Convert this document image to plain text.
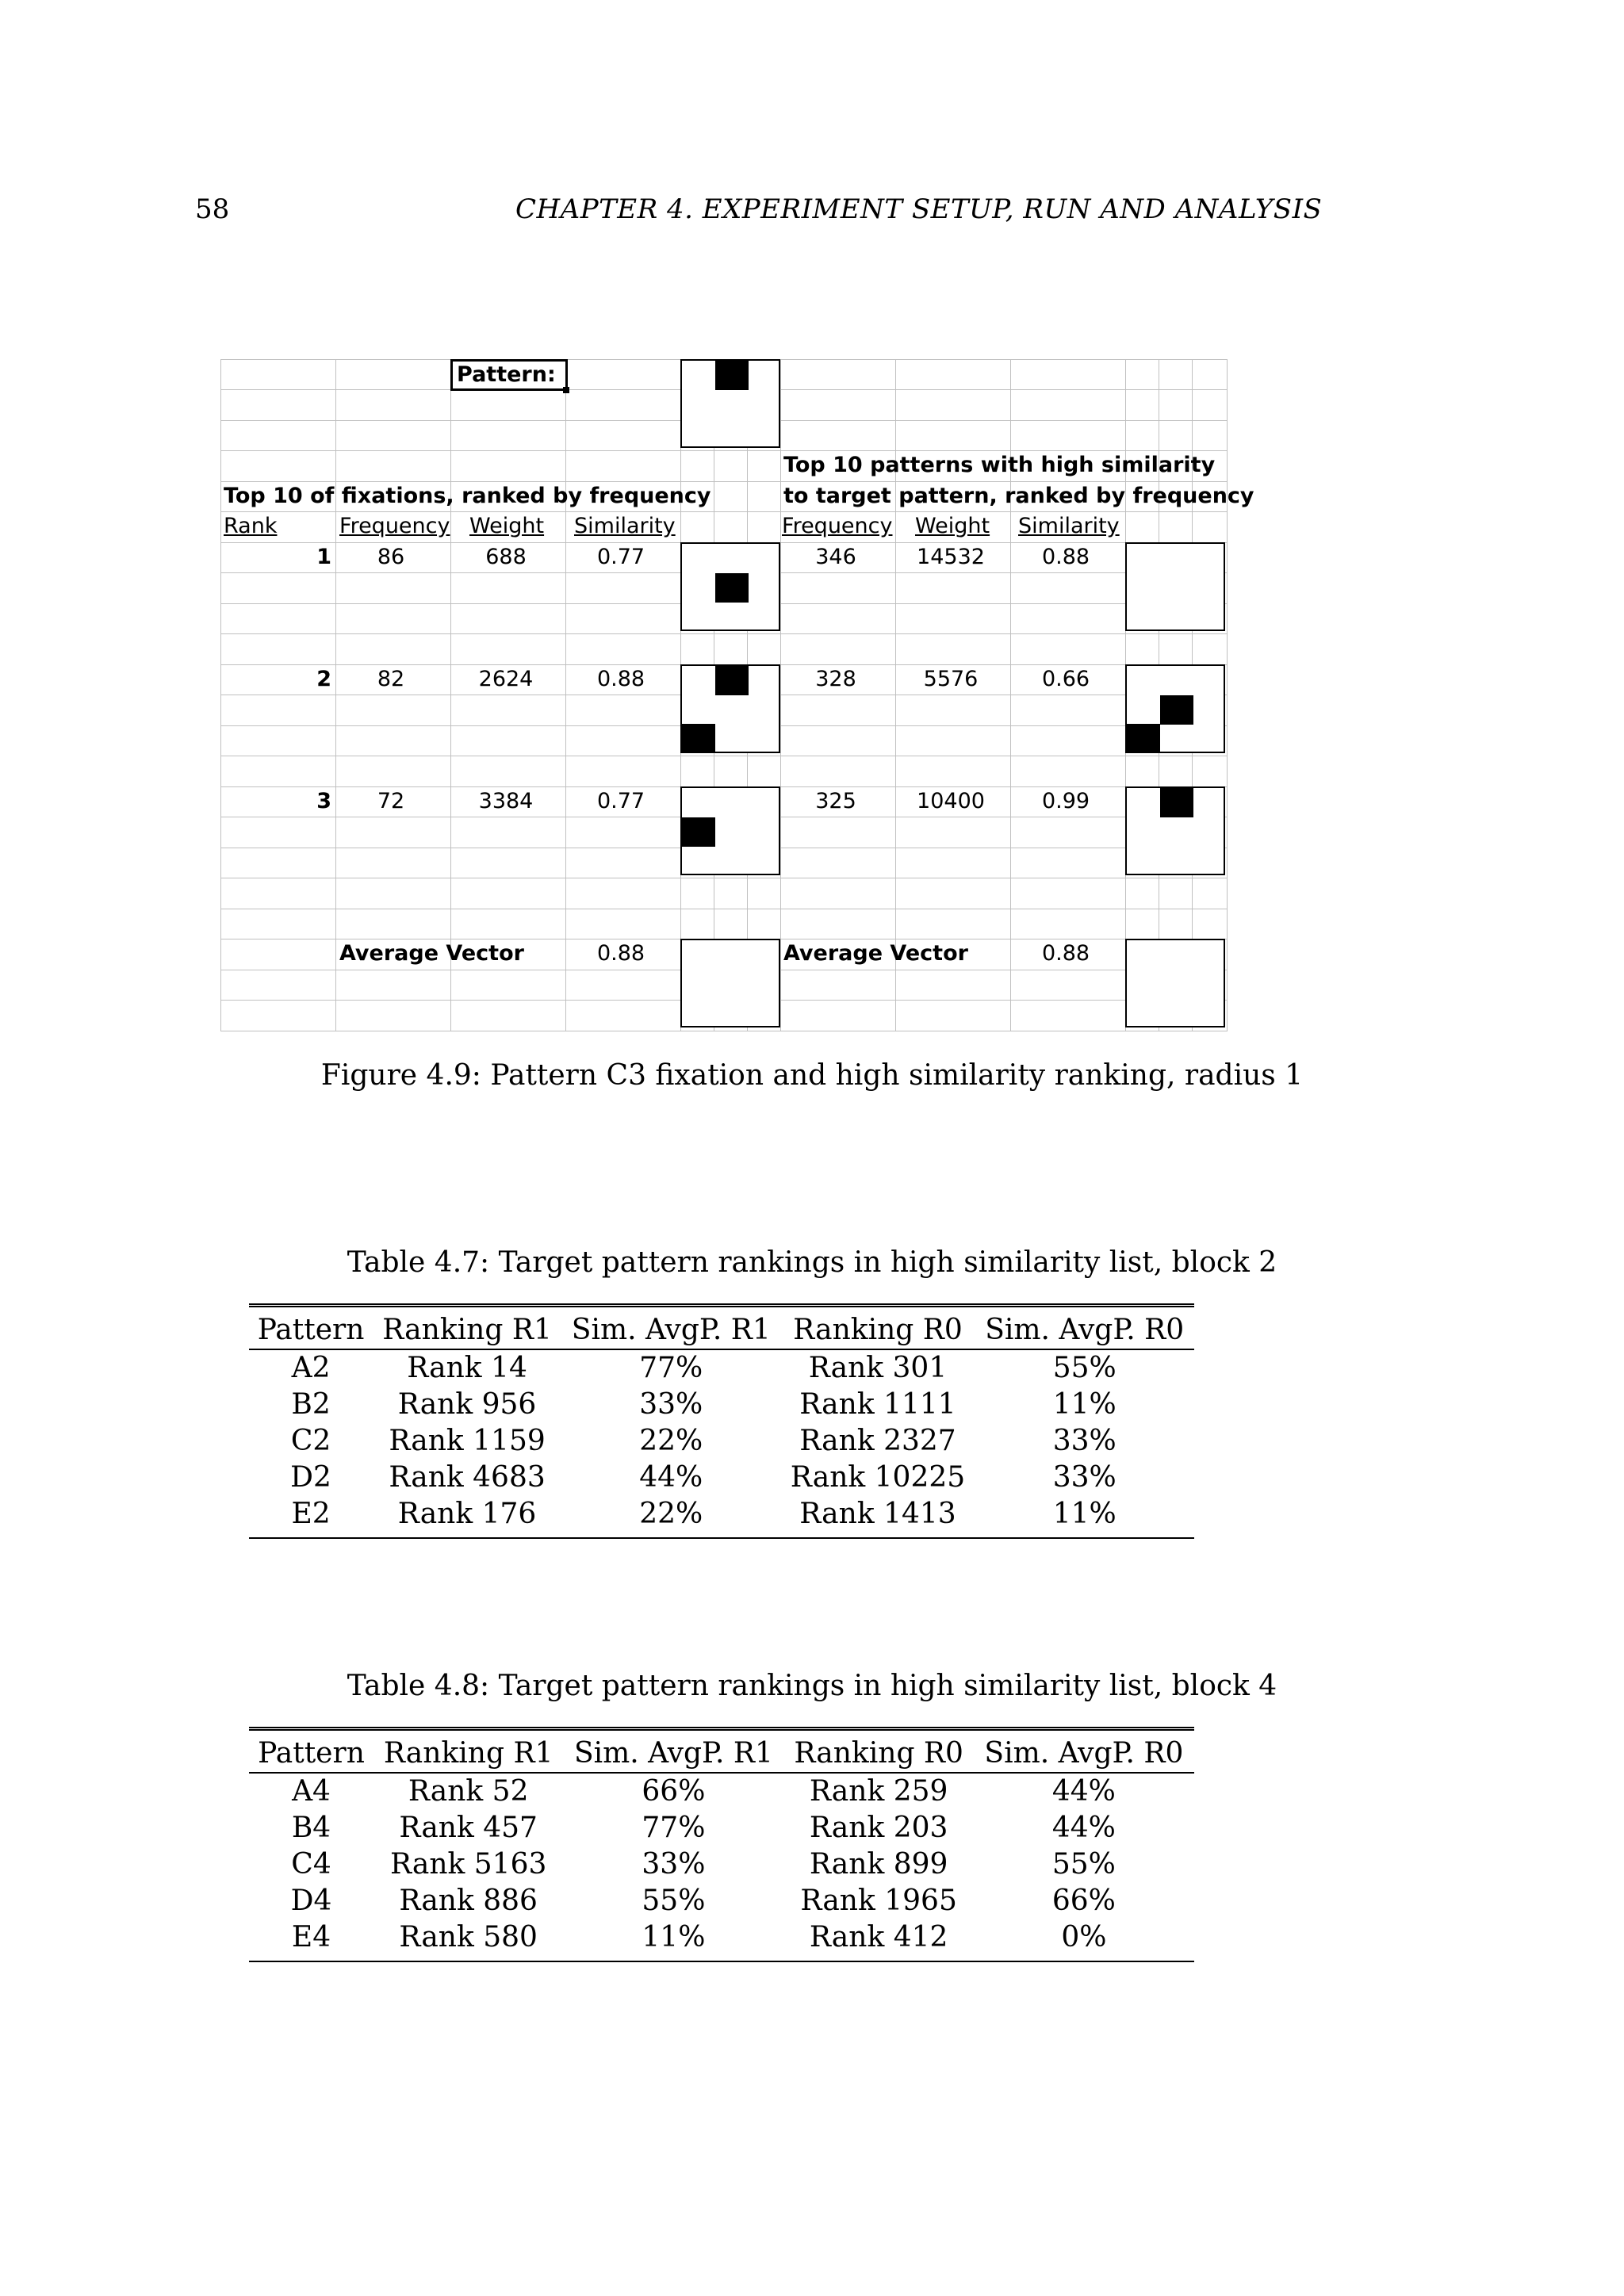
58	CHAPTER 4. EXPERIMENT SETUP, RUN AND ANALYSIS
Pattern:
Top 10 patterns with high similarity
Top 10 of fixations, ranked by frequency	to target pattern, ranked by frequency
Rank	Frequency Weight Similarity	Frequency Weight Similarity
1	86	688	0.77	346	14532	0.88
2	82	2624	0.88	328	5576	0.66
3	72	3384	0.77	325	10400	0.99
Average Vector	0.88	Average Vector	0.88
Figure 4.9: Pattern C3 fixation and high similarity ranking, radius 1
Table 4.7: Target pattern rankings in high similarity list, block 2
Pattern	Ranking R1	Sim. AvgP. R1	Ranking R0	Sim. AvgP. R0
A2	Rank 14	77%	Rank 301	55%
B2	Rank 956	33%	Rank 1111	11%
C2	Rank 1159	22%	Rank 2327	33%
D2	Rank 4683	44%	Rank 10225	33%
E2	Rank 176	22%	Rank 1413	11%
Table 4.8: Target pattern rankings in high similarity list, block 4
Pattern	Ranking R1	Sim. AvgP. R1	Ranking R0	Sim. AvgP. R0
A4	Rank 52	66%	Rank 259	44%
B4	Rank 457	77%	Rank 203	44%
C4	Rank 5163	33%	Rank 899	55%
D4	Rank 886	55%	Rank 1965	66%
E4	Rank 580	11%	Rank 412	0%
